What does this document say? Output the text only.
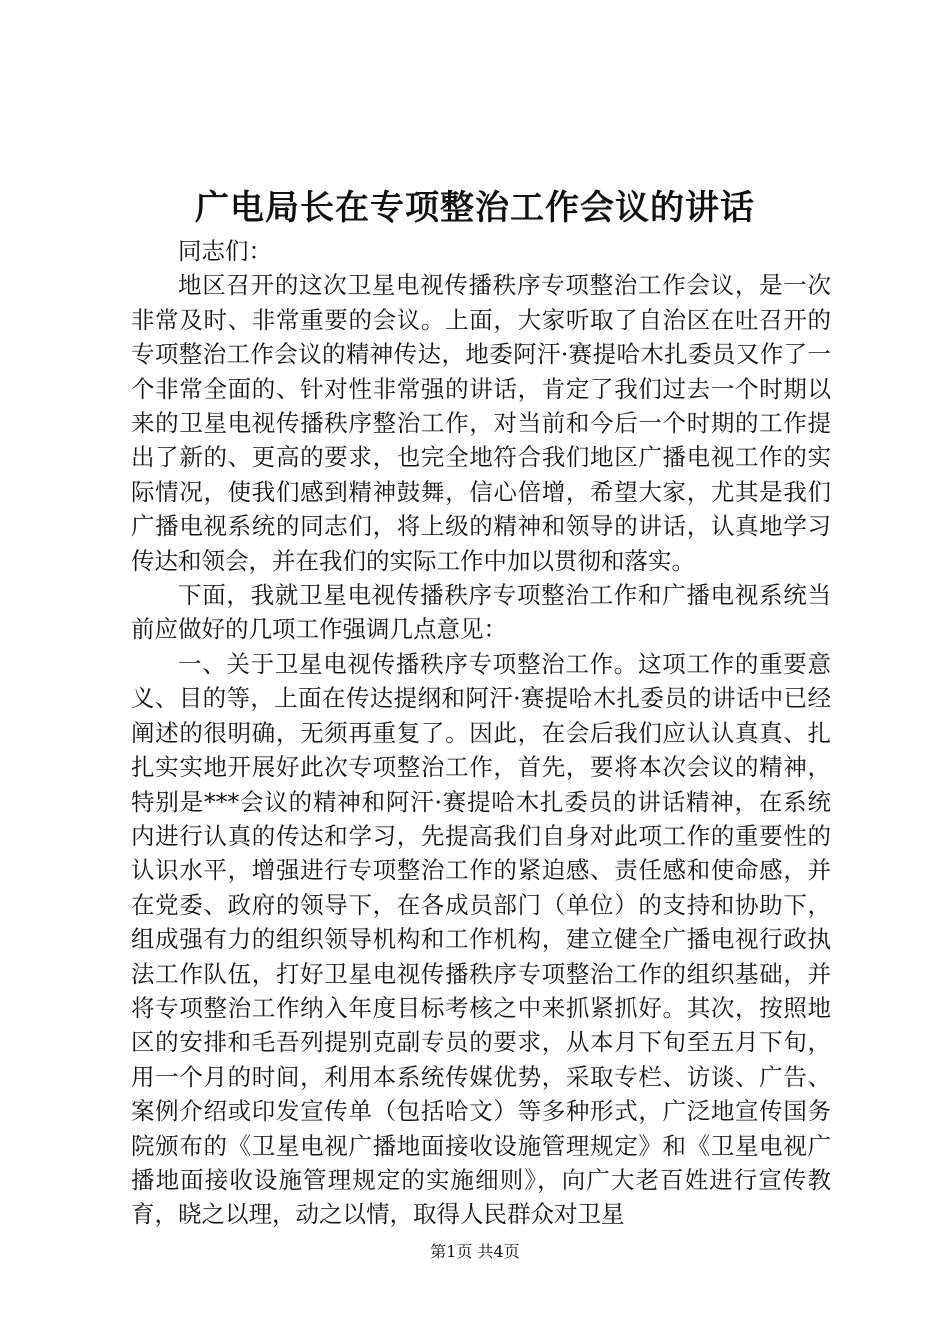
广电局长在专项整治工作会议的讲话

同志们：

地区召开的这次卫星电视传播秩序专项整治工作会议，是一次非常及时、非常重要的会议。上面，大家听取了自治区在吐召开的专项整治工作会议的精神传达，地委阿汗·赛提哈木扎委员又作了一个非常全面的、针对性非常强的讲话，肯定了我们过去一个时期以来的卫星电视传播秩序整治工作，对当前和今后一个时期的工作提出了新的、更高的要求，也完全地符合我们地区广播电视工作的实际情况，使我们感到精神鼓舞，信心倍增，希望大家，尤其是我们广播电视系统的同志们，将上级的精神和领导的讲话，认真地学习传达和领会，并在我们的实际工作中加以贯彻和落实。

下面，我就卫星电视传播秩序专项整治工作和广播电视系统当前应做好的几项工作强调几点意见：

一、关于卫星电视传播秩序专项整治工作。这项工作的重要意义、目的等，上面在传达提纲和阿汗·赛提哈木扎委员的讲话中已经阐述的很明确，无须再重复了。因此，在会后我们应认认真真、扎扎实实地开展好此次专项整治工作，首先，要将本次会议的精神，特别是***会议的精神和阿汗·赛提哈木扎委员的讲话精神，在系统内进行认真的传达和学习，先提高我们自身对此项工作的重要性的认识水平，增强进行专项整治工作的紧迫感、责任感和使命感，并在党委、政府的领导下，在各成员部门（单位）的支持和协助下，组成强有力的组织领导机构和工作机构，建立健全广播电视行政执法工作队伍，打好卫星电视传播秩序专项整治工作的组织基础，并将专项整治工作纳入年度目标考核之中来抓紧抓好。其次，按照地区的安排和毛吾列提别克副专员的要求，从本月下旬至五月下旬，用一个月的时间，利用本系统传媒优势，采取专栏、访谈、广告、案例介绍或印发宣传单（包括哈文）等多种形式，广泛地宣传国务院颁布的《卫星电视广播地面接收设施管理规定》和《卫星电视广播地面接收设施管理规定的实施细则》，向广大老百姓进行宣传教育，晓之以理，动之以情，取得人民群众对卫星

第1页 共4页
